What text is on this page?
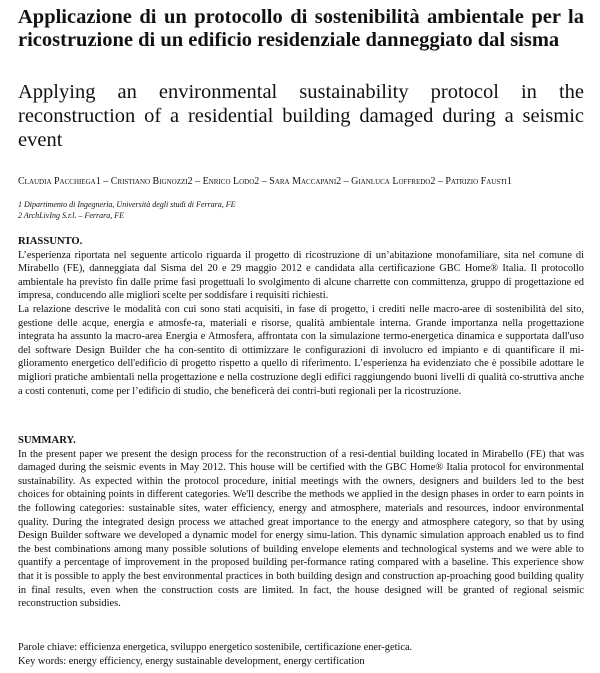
Applicazione di un protocollo di sostenibilità ambientale per la ricostruzione di un edificio residenziale danneggiato dal sisma
Applying an environmental sustainability protocol in the reconstruction of a residential building damaged during a seismic event
Claudia Pacchiega1 – Cristiano Bignozzi2 – Enrico Lodo2 – Sara Maccapani2 – Gianluca Loffredo2 – Patrizio Fausti1
1 Dipartimento di Ingegneria, Università degli studi di Ferrara, FE
2 ArchLivIng S.r.l. – Ferrara, FE

RIASSUNTO.

L’esperienza riportata nel seguente articolo riguarda il progetto di ricostruzione di un’abitazione monofamiliare, sita nel comune di Mirabello (FE), danneggiata dal Sisma del 20 e 29 maggio 2012 e candidata alla certificazione GBC Home® Italia. Il protocollo ambientale ha previsto fin dalle prime fasi progettuali lo svolgimento di alcune charrette con committenza, gruppo di progettazione ed impresa, conducendo alle migliori scelte per soddisfare i requisiti richiesti.

La relazione descrive le modalità con cui sono stati acquisiti, in fase di progetto, i crediti nelle macro-aree di sostenibilità del sito, gestione delle acque, energia e atmosfe-ra, materiali e risorse, qualità ambientale interna. Grande importanza nella progettazione integrata ha assunto la macro-area Energia e Atmosfera, affrontata con la simulazione termo-energetica dinamica e supportata dall'uso del software Design Builder che ha con-sentito di ottimizzare le configurazioni di involucro ed impianto e di quantificare il mi-glioramento energetico dell'edificio di progetto rispetto a quello di riferimento. L’esperienza ha evidenziato che è possibile adottare le migliori pratiche ambientali nella progettazione e nella costruzione degli edifici raggiungendo buoni livelli di qualità co-struttiva anche a costi contenuti, come per l’edificio di studio, che beneficerà dei contri-buti regionali per la ricostruzione.

SUMMARY.

In the present paper we present the design process for the reconstruction of a resi-dential building located in Mirabello (FE) that was damaged during the seismic events in May 2012. This house will be certified with the GBC Home® Italia protocol for environmental sustainability. As expected within the protocol procedure, initial meetings with the owners, designers and builders led to the best choices for obtaining points in different categories. We'll describe the methods we applied in the design phases in order to earn points in the following categories: sustainable sites, water efficiency, energy and atmosphere, materials and resources, indoor environmental quality. During the integrated design process we attached great importance to the energy and atmosphere category, so that by using Design Builder software we developed a dynamic model for energy simu-lation. This dynamic simulation approach enabled us to find the best combinations among many possible solutions of building envelope elements and technological systems and we were able to quantify a percentage of improvement in the proposed building per-formance rating compared with a baseline. This experience show that it is possible to apply the best environmental practices in both building design and construction ap-proaching good building quality in final results, even when the construction costs are limited. In fact, the house designed will be granted of regional seismic reconstruction subsidies.

Parole chiave: efficienza energetica, sviluppo energetico sostenibile, certificazione ener-getica.
Key words: energy efficiency, energy sustainable development, energy certification
